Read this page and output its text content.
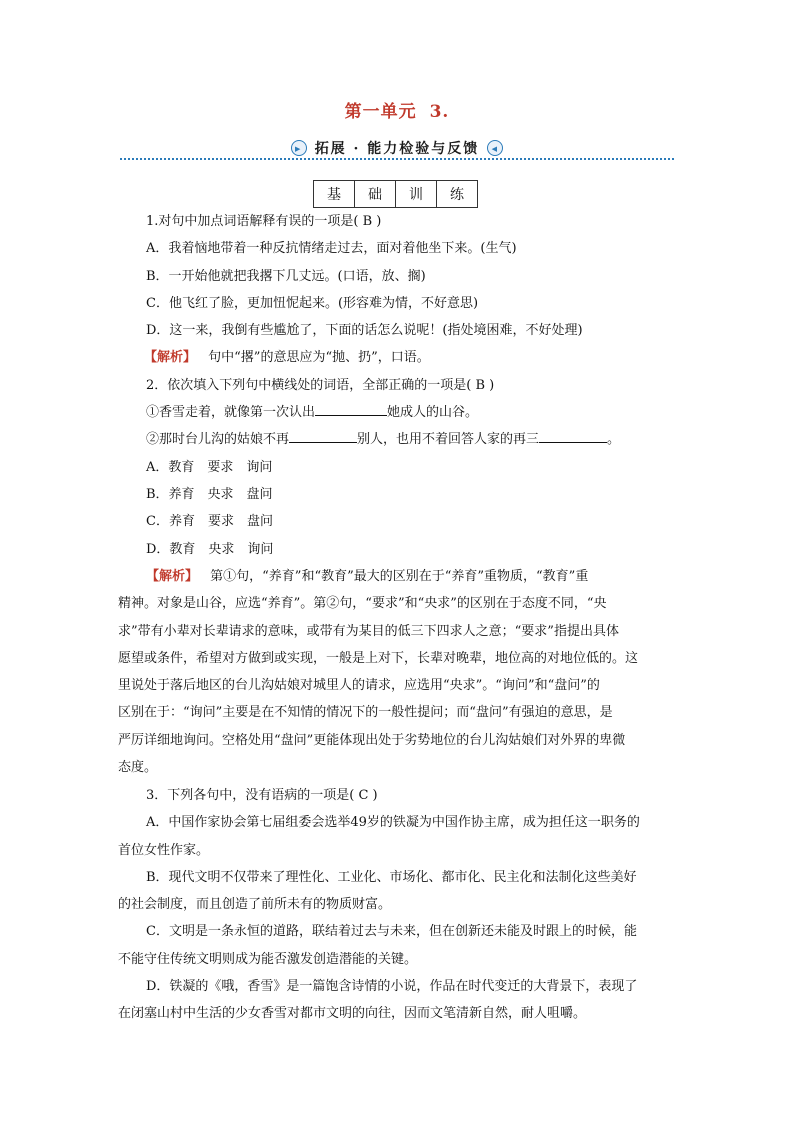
第一单元 3.
▶ 拓展 · 能力检验与反馈	◀
基	础	训	练
1.对句中加点词语解释有误的一项是( B )
A．我着恼地带着一种反抗情绪走过去，面对着他坐下来。(生气)
B．一开始他就把我撂下几丈远。(口语，放、搁)
C．他飞红了脸，更加忸怩起来。(形容难为情，不好意思)
D．这一来，我倒有些尴尬了，下面的话怎么说呢！(指处境困难，不好处理)
【解析】 句中“撂”的意思应为“抛、扔”，口语。
2．依次填入下列句中横线处的词语，全部正确的一项是( B )
①香雪走着，就像第一次认出	她成人的山谷。
②那时台儿沟的姑娘不再	别人，也用不着回答人家的再三	。
A．教育　要求　询问
B．养育　央求　盘问
C．养育　要求　盘问
D．教育　央求　询问
【解析】 第①句，“养育”和“教育”最大的区别在于“养育”重物质，“教育”重
精神。对象是山谷，应选“养育”。第②句，“要求”和“央求”的区别在于态度不同，“央
求”带有小辈对长辈请求的意味，或带有为某目的低三下四求人之意；“要求”指提出具体
愿望或条件，希望对方做到或实现，一般是上对下，长辈对晚辈，地位高的对地位低的。这
里说处于落后地区的台儿沟姑娘对城里人的请求，应选用“央求”。“询问”和“盘问”的
区别在于：“询问”主要是在不知情的情况下的一般性提问；而“盘问”有强迫的意思，是
严厉详细地询问。空格处用“盘问”更能体现出处于劣势地位的台儿沟姑娘们对外界的卑微
态度。
3．下列各句中，没有语病的一项是( C )
A．中国作家协会第七届组委会选举49岁的铁凝为中国作协主席，成为担任这一职务的
首位女性作家。
B．现代文明不仅带来了理性化、工业化、市场化、都市化、民主化和法制化这些美好
的社会制度，而且创造了前所未有的物质财富。
C．文明是一条永恒的道路，联结着过去与未来，但在创新还未能及时跟上的时候，能
不能守住传统文明则成为能否激发创造潜能的关键。
D．铁凝的《哦，香雪》是一篇饱含诗情的小说，作品在时代变迁的大背景下，表现了
在闭塞山村中生活的少女香雪对都市文明的向往，因而文笔清新自然，耐人咀嚼。
